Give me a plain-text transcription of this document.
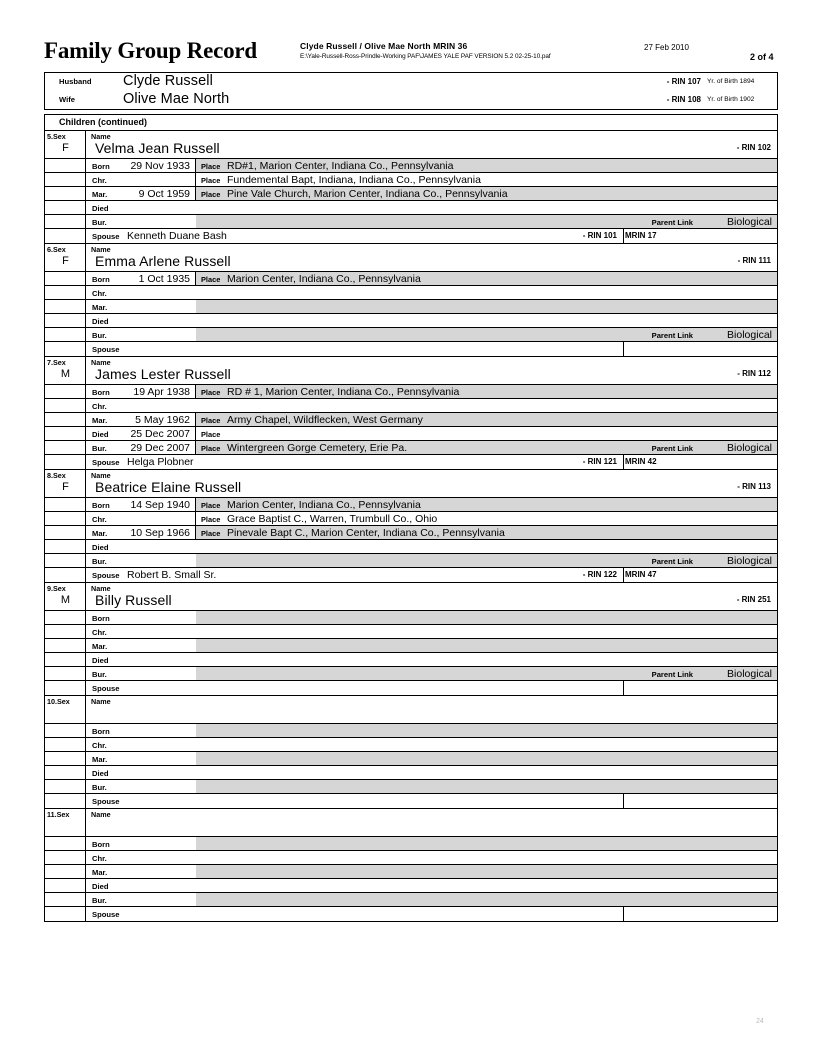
Family Group Record	Clyde Russell / Olive Mae North MRIN 36
E:\Yale-Russell-Ross-Prindle-Working PAF\JAMES YALE PAF VERSION 5.2 02-25-10.paf
27 Feb 2010
2 of 4
Husband Clyde Russell	- RIN 107 Yr. of Birth 1894
Wife	Olive Mae North	- RIN 108 Yr. of Birth 1902
Children (continued)
5.Sex
F
Name
Velma Jean Russell	- RIN 102
Born 29 Nov 1933 Place RD#1, Marion Center, Indiana Co., Pennsylvania
Chr.	Place Fundemental Bapt, Indiana, Indiana Co., Pennsylvania
Mar.	9 Oct 1959 Place Pine Vale Church, Marion Center, Indiana Co., Pennsylvania
Died
Bur.	Parent Link	Biological
Spouse Kenneth Duane Bash	- RIN 101 MRIN 17
6.Sex
F
Name
Emma Arlene Russell	- RIN 111
Born	1 Oct 1935 Place Marion Center, Indiana Co., Pennsylvania
Chr.
Mar.
Died
Bur.	Parent Link	Biological
Spouse
7.Sex
M
Name
James Lester Russell	- RIN 112
Born 19 Apr 1938 Place RD # 1, Marion Center, Indiana Co., Pennsylvania
Chr.
Mar.	5 May 1962 Place Army Chapel, Wildflecken, West Germany
Died 25 Dec 2007 Place
Bur. 29 Dec 2007 Place Wintergreen Gorge Cemetery, Erie Pa.	Parent Link	Biological
Spouse Helga Plobner	- RIN 121 MRIN 42
8.Sex
F
Name
Beatrice Elaine Russell	- RIN 113
Born 14 Sep 1940 Place Marion Center, Indiana Co., Pennsylvania
Chr.	Place Grace Baptist C., Warren, Trumbull Co., Ohio
Mar. 10 Sep 1966 Place Pinevale Bapt C., Marion Center, Indiana Co., Pennsylvania
Died
Bur.	Parent Link	Biological
Spouse Robert B. Small Sr.	- RIN 122 MRIN 47
9.Sex
M
Name
Billy Russell	- RIN 251
Born
Chr.
Mar.
Died
Bur.	Parent Link	Biological
Spouse
10.Sex	Name
Born
Chr.
Mar.
Died
Bur.
Spouse
11.Sex	Name
Born
Chr.
Mar.
Died
Bur.
Spouse
24
